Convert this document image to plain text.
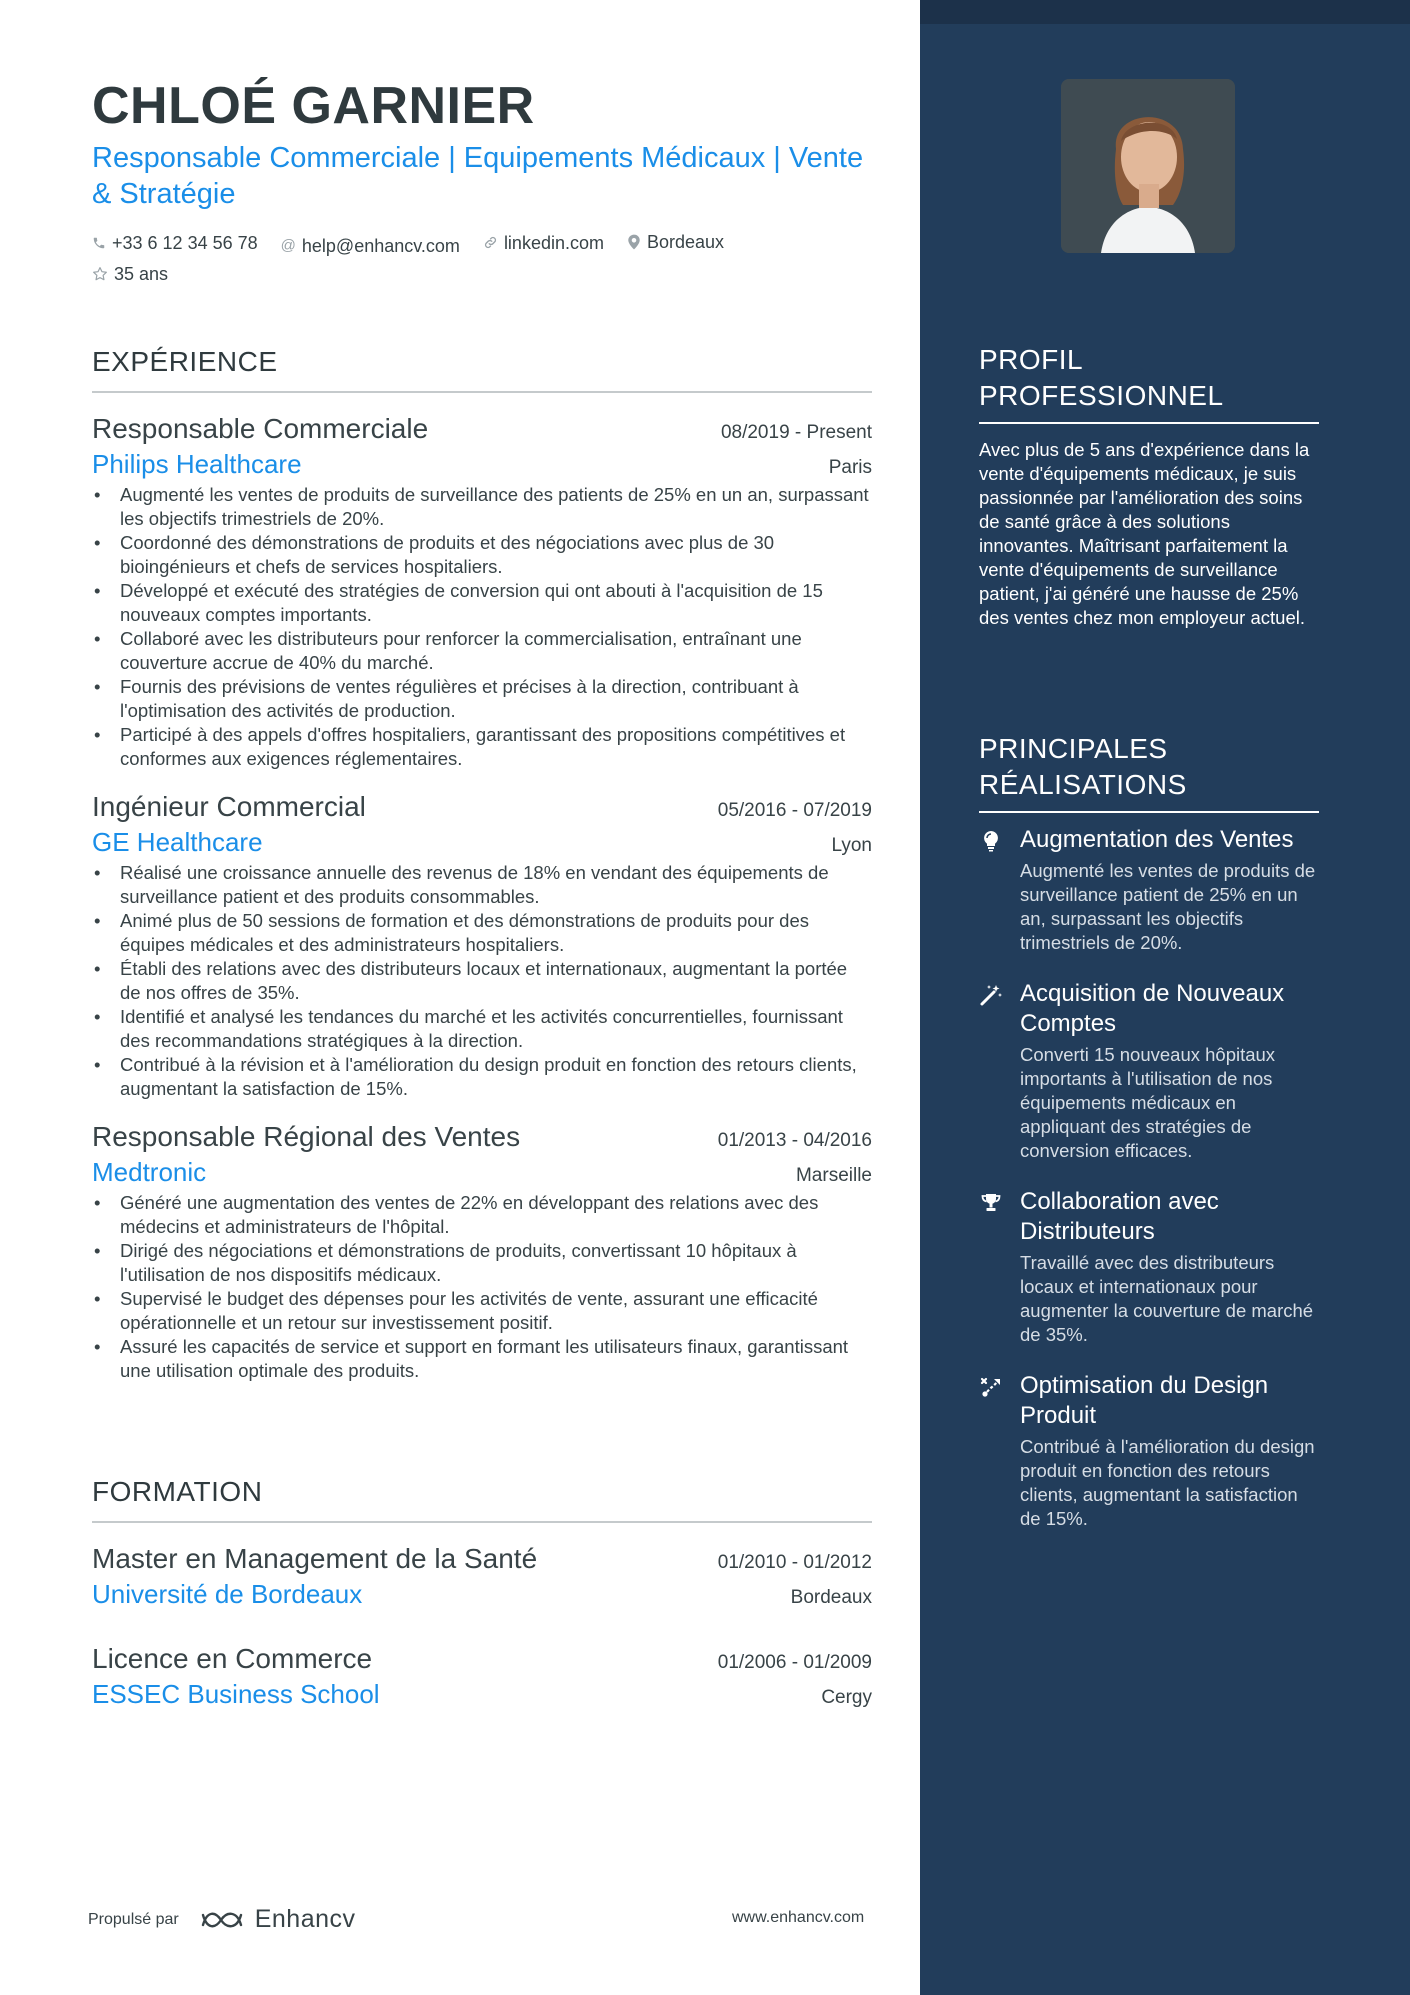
CHLOÉ GARNIER
Responsable Commerciale | Equipements Médicaux | Vente & Stratégie
+33 6 12 34 56 78
@ help@enhancv.com
linkedin.com
Bordeaux
35 ans
EXPÉRIENCE
Responsable Commerciale	08/2019 - Present
Philips Healthcare	Paris
• Augmenté les ventes de produits de surveillance des patients de 25% en un an, surpassant les objectifs trimestriels de 20%.
• Coordonné des démonstrations de produits et des négociations avec plus de 30 bioingénieurs et chefs de services hospitaliers.
• Développé et exécuté des stratégies de conversion qui ont abouti à l'acquisition de 15 nouveaux comptes importants.
• Collaboré avec les distributeurs pour renforcer la commercialisation, entraînant une couverture accrue de 40% du marché.
• Fournis des prévisions de ventes régulières et précises à la direction, contribuant à l'optimisation des activités de production.
• Participé à des appels d'offres hospitaliers, garantissant des propositions compétitives et conformes aux exigences réglementaires.
Ingénieur Commercial	05/2016 - 07/2019
GE Healthcare	Lyon
• Réalisé une croissance annuelle des revenus de 18% en vendant des équipements de surveillance patient et des produits consommables.
• Animé plus de 50 sessions de formation et des démonstrations de produits pour des équipes médicales et des administrateurs hospitaliers.
• Établi des relations avec des distributeurs locaux et internationaux, augmentant la portée de nos offres de 35%.
• Identifié et analysé les tendances du marché et les activités concurrentielles, fournissant des recommandations stratégiques à la direction.
• Contribué à la révision et à l'amélioration du design produit en fonction des retours clients, augmentant la satisfaction de 15%.
Responsable Régional des Ventes	01/2013 - 04/2016
Medtronic	Marseille
• Généré une augmentation des ventes de 22% en développant des relations avec des médecins et administrateurs de l'hôpital.
• Dirigé des négociations et démonstrations de produits, convertissant 10 hôpitaux à l'utilisation de nos dispositifs médicaux.
• Supervisé le budget des dépenses pour les activités de vente, assurant une efficacité opérationnelle et un retour sur investissement positif.
• Assuré les capacités de service et support en formant les utilisateurs finaux, garantissant une utilisation optimale des produits.
FORMATION
Master en Management de la Santé	01/2010 - 01/2012
Université de Bordeaux	Bordeaux
Licence en Commerce	01/2006 - 01/2009
ESSEC Business School	Cergy
Propulsé par	Enhancv	www.enhancv.com
PROFIL PROFESSIONNEL
Avec plus de 5 ans d'expérience dans la vente d'équipements médicaux, je suis passionnée par l'amélioration des soins de santé grâce à des solutions innovantes. Maîtrisant parfaitement la vente d'équipements de surveillance patient, j'ai généré une hausse de 25% des ventes chez mon employeur actuel.
PRINCIPALES RÉALISATIONS
Augmentation des Ventes
Augmenté les ventes de produits de surveillance patient de 25% en un an, surpassant les objectifs trimestriels de 20%.
Acquisition de Nouveaux Comptes
Converti 15 nouveaux hôpitaux importants à l'utilisation de nos équipements médicaux en appliquant des stratégies de conversion efficaces.
Collaboration avec Distributeurs
Travaillé avec des distributeurs locaux et internationaux pour augmenter la couverture de marché de 35%.
Optimisation du Design Produit
Contribué à l'amélioration du design produit en fonction des retours clients, augmentant la satisfaction de 15%.
